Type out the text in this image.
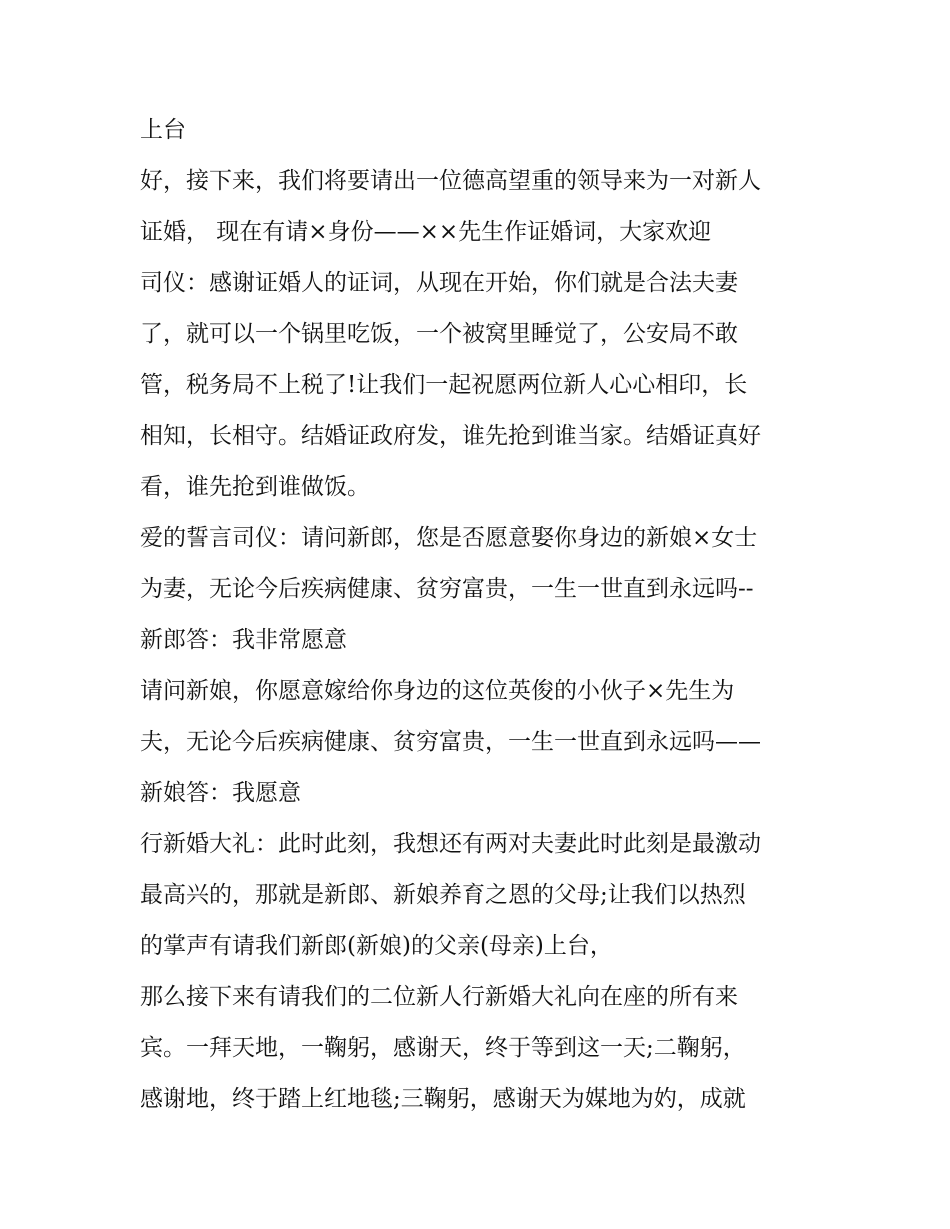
上台
好，接下来，我们将要请出一位德高望重的领导来为一对新人
证婚， 现在有请×身份——××先生作证婚词，大家欢迎
司仪：感谢证婚人的证词，从现在开始，你们就是合法夫妻
了，就可以一个锅里吃饭，一个被窝里睡觉了，公安局不敢
管，税务局不上税了!让我们一起祝愿两位新人心心相印，长
相知，长相守。结婚证政府发，谁先抢到谁当家。结婚证真好
看，谁先抢到谁做饭。
爱的誓言司仪：请问新郎，您是否愿意娶你身边的新娘×女士
为妻，无论今后疾病健康、贫穷富贵，一生一世直到永远吗--
新郎答：我非常愿意
请问新娘，你愿意嫁给你身边的这位英俊的小伙子×先生为
夫，无论今后疾病健康、贫穷富贵，一生一世直到永远吗——
新娘答：我愿意
行新婚大礼：此时此刻，我想还有两对夫妻此时此刻是最激动
最高兴的，那就是新郎、新娘养育之恩的父母;让我们以热烈
的掌声有请我们新郎(新娘)的父亲(母亲)上台，
那么接下来有请我们的二位新人行新婚大礼向在座的所有来
宾。一拜天地，一鞠躬，感谢天，终于等到这一天;二鞠躬，
感谢地，终于踏上红地毯;三鞠躬，感谢天为媒地为妁，成就
